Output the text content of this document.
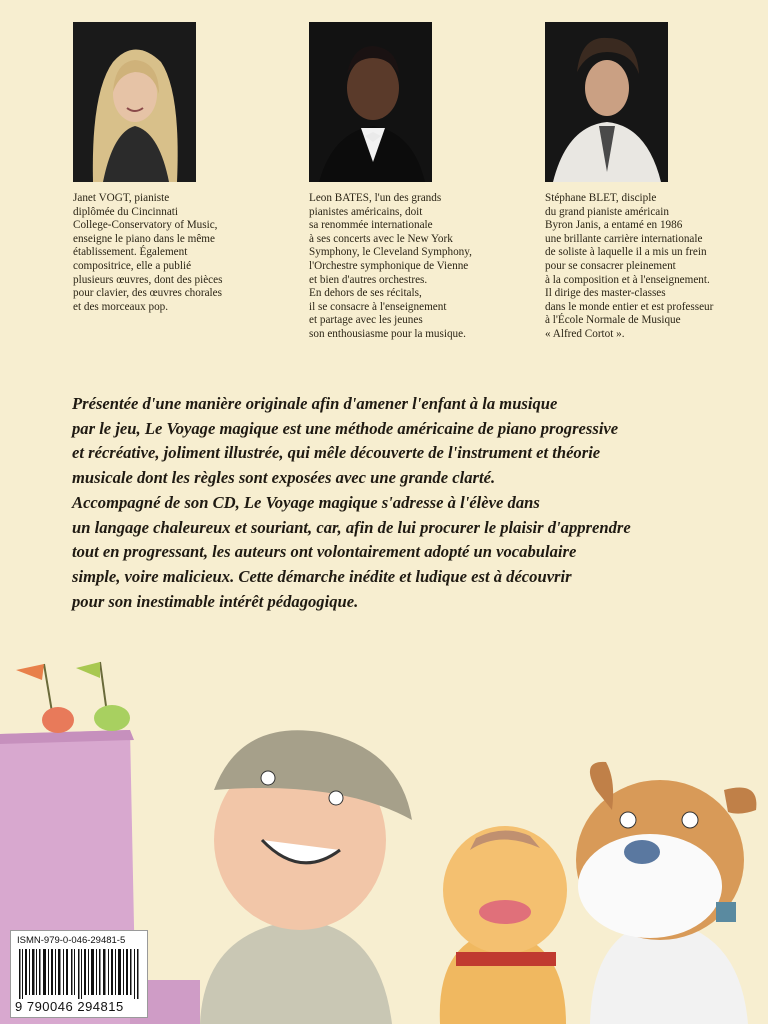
Janet VOGT, pianiste
diplômée du Cincinnati
College-Conservatory of Music,
enseigne le piano dans le même
établissement. Également
compositrice, elle a publié
plusieurs œuvres, dont des pièces
pour clavier, des œuvres chorales
et des morceaux pop.
Leon BATES, l'un des grands
pianistes américains, doit
sa renommée internationale
à ses concerts avec le New York
Symphony, le Cleveland Symphony,
l'Orchestre symphonique de Vienne
et bien d'autres orchestres.
En dehors de ses récitals,
il se consacre à l'enseignement
et partage avec les jeunes
son enthousiasme pour la musique.
Stéphane BLET, disciple
du grand pianiste américain
Byron Janis, a entamé en 1986
une brillante carrière internationale
de soliste à laquelle il a mis un frein
pour se consacrer pleinement
à la composition et à l'enseignement.
Il dirige des master-classes
dans le monde entier et est professeur
à l'École Normale de Musique
« Alfred Cortot ».
Présentée d'une manière originale afin d'amener l'enfant à la musique
par le jeu, Le Voyage magique est une méthode américaine de piano progressive
et récréative, joliment illustrée, qui mêle découverte de l'instrument et théorie
musicale dont les règles sont exposées avec une grande clarté.
Accompagné de son CD, Le Voyage magique s'adresse à l'élève dans
un langage chaleureux et souriant, car, afin de lui procurer le plaisir d'apprendre
tout en progressant, les auteurs ont volontairement adopté un vocabulaire
simple, voire malicieux. Cette démarche inédite et ludique est à découvrir
pour son inestimable intérêt pédagogique.
ISMN-979-0-046-29481-5
9 790046 294815
